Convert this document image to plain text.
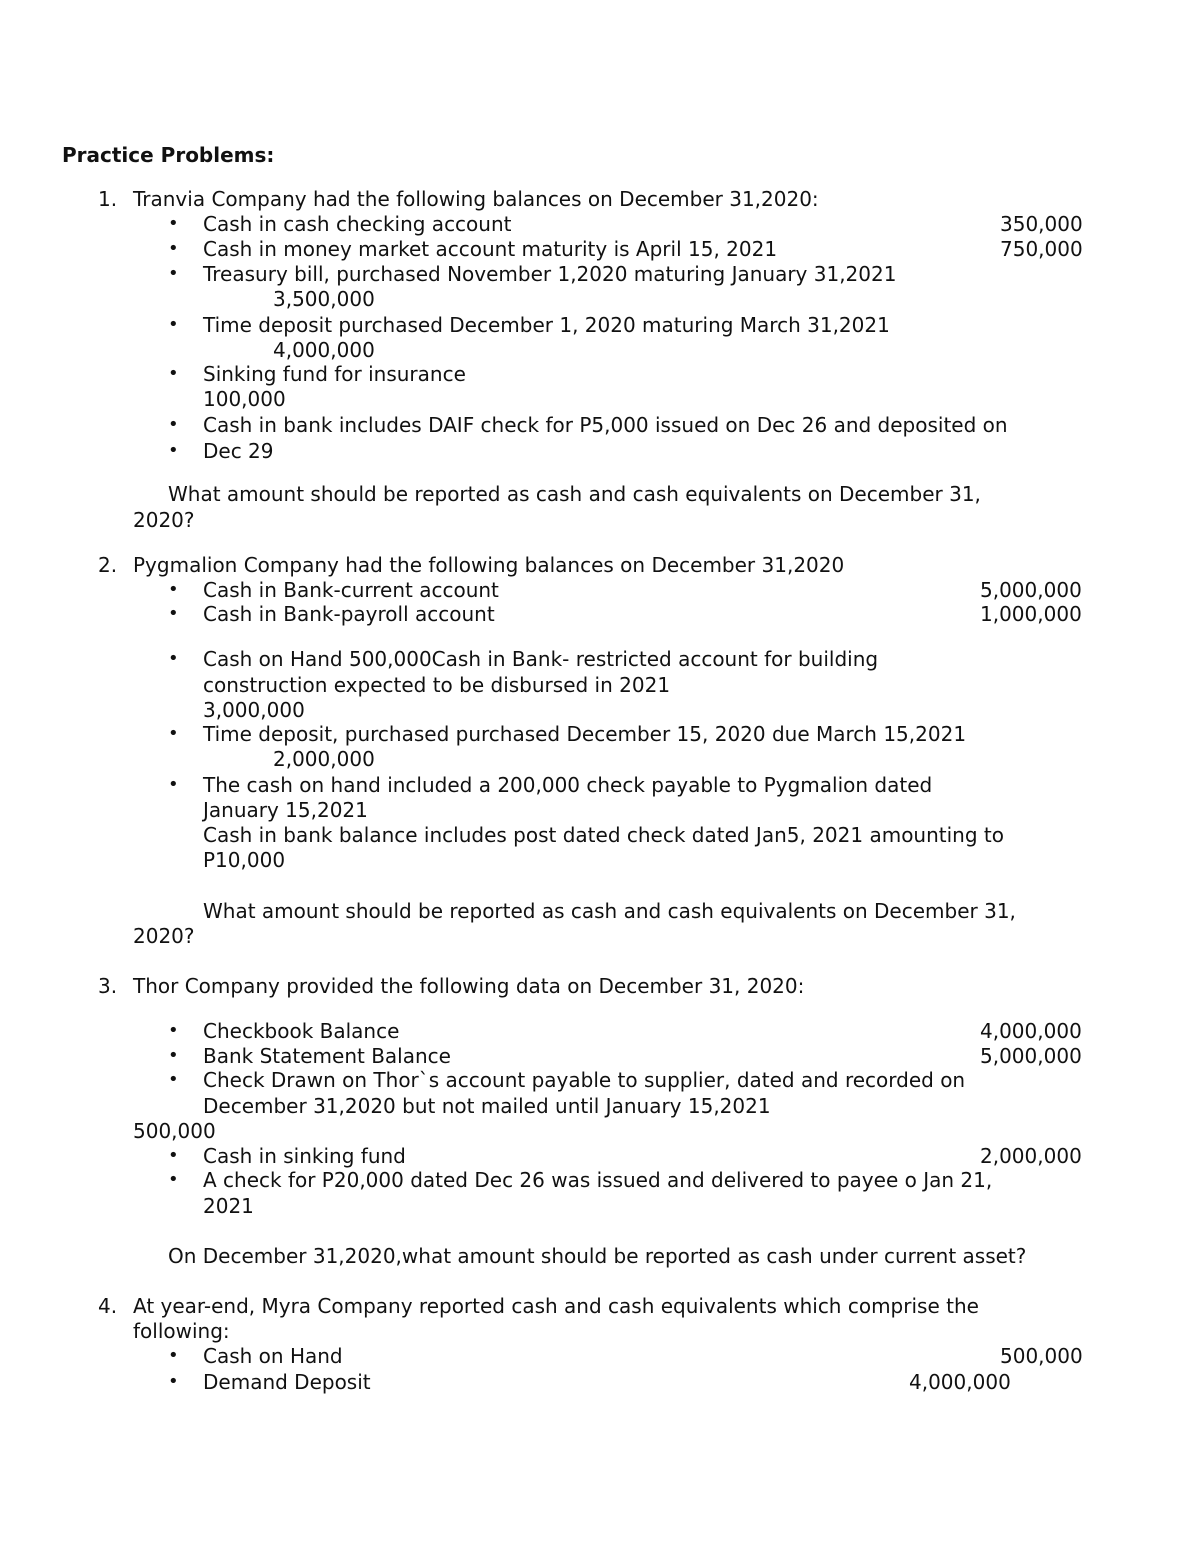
Practice Problems:
1. Tranvia Company had the following balances on December 31,2020:
• Cash in cash checking account	350,000
• Cash in money market account maturity is April 15, 2021	750,000
• Treasury bill, purchased November 1,2020 maturing January 31,2021
3,500,000
• Time deposit purchased December 1, 2020 maturing March 31,2021
4,000,000
• Sinking fund for insurance
100,000
• Cash in bank includes DAIF check for P5,000 issued on Dec 26 and deposited on
• Dec 29
What amount should be reported as cash and cash equivalents on December 31,
2020?
2. Pygmalion Company had the following balances on December 31,2020
• Cash in Bank-current account	5,000,000
• Cash in Bank-payroll account	1,000,000
• Cash on Hand 500,000Cash in Bank- restricted account for building
construction expected to be disbursed in 2021
3,000,000
• Time deposit, purchased purchased December 15, 2020 due March 15,2021
2,000,000
• The cash on hand included a 200,000 check payable to Pygmalion dated
January 15,2021
Cash in bank balance includes post dated check dated Jan5, 2021 amounting to
P10,000
What amount should be reported as cash and cash equivalents on December 31,
2020?
3. Thor Company provided the following data on December 31, 2020:
• Checkbook Balance	4,000,000
• Bank Statement Balance	5,000,000
• Check Drawn on Thor`s account payable to supplier, dated and recorded on
December 31,2020 but not mailed until January 15,2021
500,000
• Cash in sinking fund	2,000,000
• A check for P20,000 dated Dec 26 was issued and delivered to payee o Jan 21,
2021
On December 31,2020,what amount should be reported as cash under current asset?
4. At year-end, Myra Company reported cash and cash equivalents which comprise the
following:
• Cash on Hand	500,000
• Demand Deposit	4,000,000
